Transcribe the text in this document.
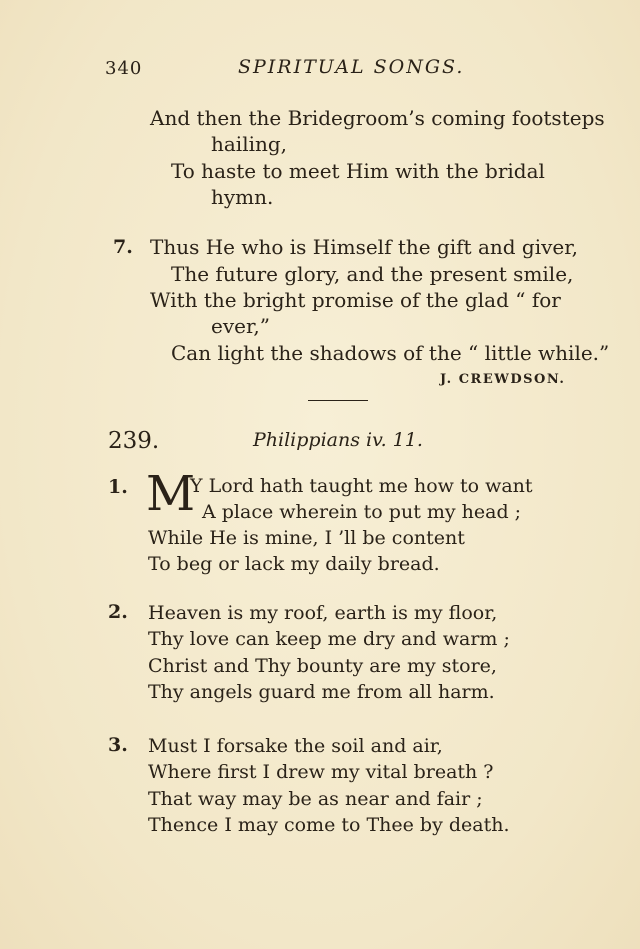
340	SPIRITUAL SONGS.
And then the Bridegroom’s coming footsteps
hailing,
To haste to meet Him with the bridal
hymn.
7. Thus He who is Himself the gift and giver,
The future glory, and the present smile,
With the bright promise of the glad “ for
ever,”
Can light the shadows of the “ little while.”
J. CREWDSON.
239.	Philippians iv. 11.
1. M
Y Lord hath taught me how to want
A place wherein to put my head ;
While He is mine, I ’ll be content
To beg or lack my daily bread.
2. Heaven is my roof, earth is my floor,
Thy love can keep me dry and warm ;
Christ and Thy bounty are my store,
Thy angels guard me from all harm.
3. Must I forsake the soil and air,
Where first I drew my vital breath ?
That way may be as near and fair ;
Thence I may come to Thee by death.
